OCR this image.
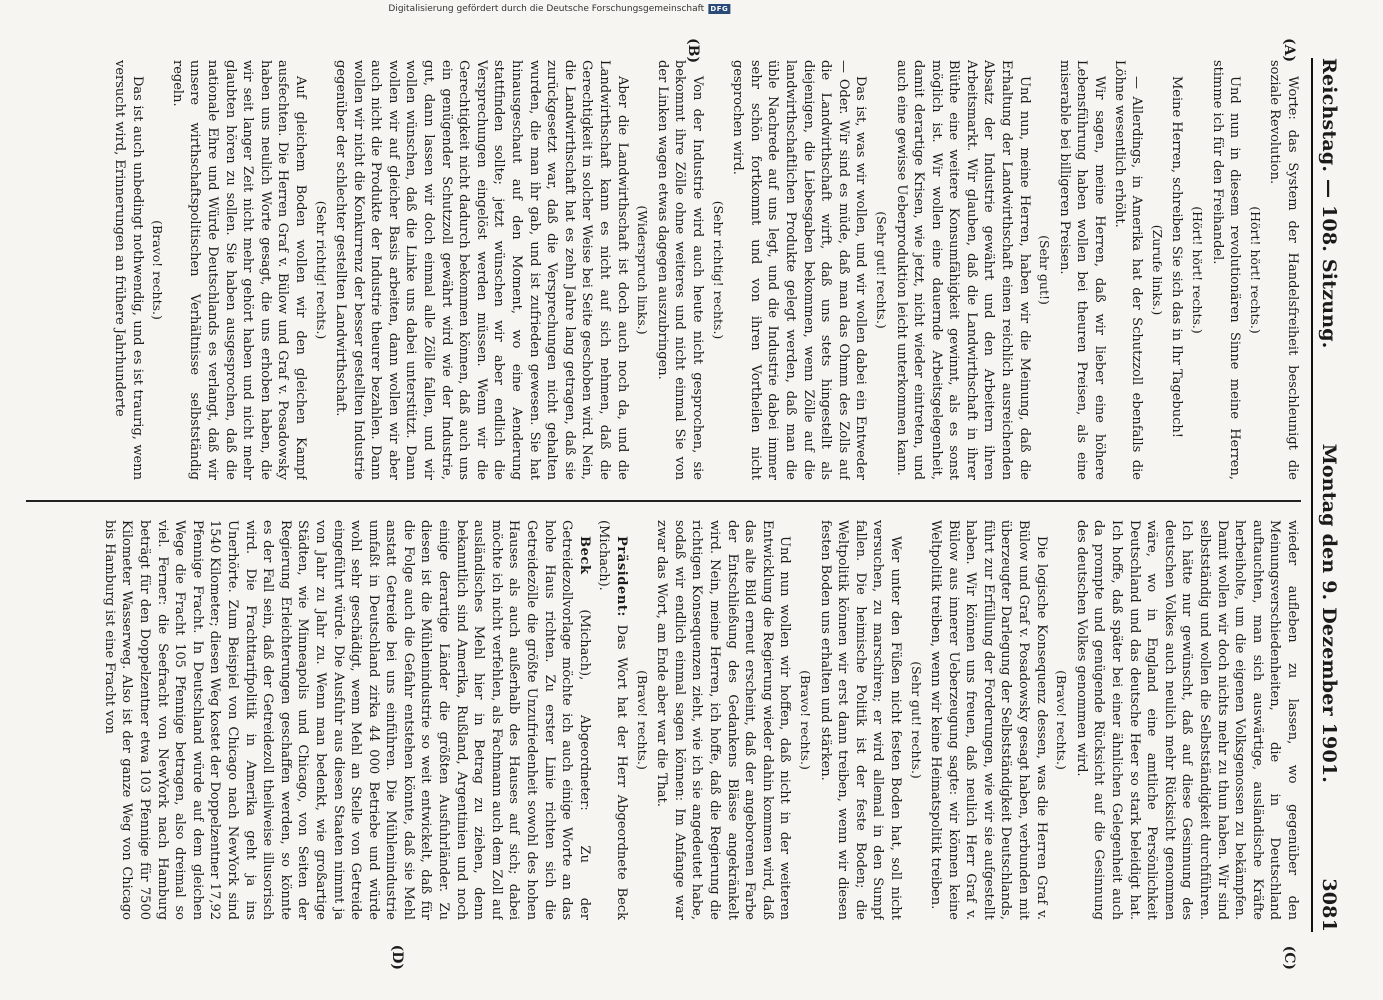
Reichstag. — 108. Sitzung.
Montag den 9. Dezember 1901.
3081
(A)
(B)
(C)
(D)

Worte: das System der Handelsfreiheit beschleunigt die soziale Revolution.

(Hört! hört! rechts.)

Und nun in diesem revolutionären Sinne meine Herren, stimme ich für den Freihandel.

(Hört! hört! rechts.)

Meine Herren, schreiben Sie sich das in Ihr Tagebuch!

(Zurufe links.)

— Allerdings, in Amerika hat der Schutzzoll ebenfalls die Löhne wesentlich erhöht.

Wir sagen, meine Herren, daß wir lieber eine höhere Lebensführung haben wollen bei theuren Preisen, als eine miserable bei billigeren Preisen.

(Sehr gut!)

Und nun, meine Herren, haben wir die Meinung, daß die Erhaltung der Landwirthschaft einen reichlich ausreichenden Absatz der Industrie gewährt und den Arbeitern ihren Arbeitsmarkt. Wir glauben, daß die Landwirthschaft in ihrer Blüthe eine weitere Konsumfähigkeit gewinnt, als es sonst möglich ist. Wir wollen eine dauernde Arbeitsgelegenheit, damit derartige Krisen, wie jetzt, nicht wieder eintreten, und auch eine gewisse Ueberproduktion leicht unterkommen kann.

(Sehr gut! rechts.)

Das ist, was wir wollen, und wir wollen dabei ein Entweder — Oder. Wir sind es müde, daß man das Ohmm des Zolls auf die Landwirthschaft wirft, daß uns stets hingestellt als diejenigen, die Liebesgaben bekommen, wenn Zölle auf die landwirthschaftlichen Produkte gelegt werden, daß man die üble Nachrede auf uns legt, und die Industrie dabei immer sehr schön fortkommt und von ihren Vortheilen nicht gesprochen wird.

(Sehr richtig! rechts.)

Von der Industrie wird auch heute nicht gesprochen, sie bekommt ihre Zölle ohne weiteres und nicht einmal Sie von der Linken wagen etwas dagegen auszubringen.

(Widerspruch links.)

Aber die Landwirthschaft ist doch auch noch da, und die Landwirthschaft kann es nicht auf sich nehmen, daß die Gerechtigkeit in solcher Weise bei Seite geschoben wird. Nein, die Landwirthschaft hat es zehn Jahre lang getragen, daß sie zurückgesetzt war, daß die Versprechungen nicht gehalten wurden, die man ihr gab, und ist zufrieden gewesen. Sie hat hinausgeschaut auf den Moment, wo eine Aenderung stattfinden sollte; jetzt wünschen wir aber endlich die Versprechungen eingelöst werden müssen. Wenn wir die Gerechtigkeit nicht dadurch bekommen können, daß auch uns ein genügender Schutzzoll gewährt wird wie der Industrie, gut, dann lassen wir doch einmal alle Zölle fallen, und wir wollen wünschen, daß die Linke uns dabei unterstützt. Dann wollen wir auf gleicher Basis arbeiten, dann wollen wir aber auch nicht die Produkte der Industrie theurer bezahlen. Dann wollen wir nicht die Konkurrenz der besser gestellten Industrie gegenüber der schlechter gestellten Landwirthschaft.

(Sehr richtig! rechts.)

Auf gleichem Boden wollen wir den gleichen Kampf ausfechten. Die Herren Graf v. Bülow und Graf v. Posadowsky haben uns neulich Worte gesagt, die uns erhoben haben, die wir seit langer Zeit nicht mehr gehört haben und nicht mehr glaubten hören zu sollen. Sie haben ausgesprochen, daß die nationale Ehre und Würde Deutschlands es verlangt, daß wir unsere wirthschaftspolitischen Verhältnisse selbstständig regeln.

(Bravo! rechts.)

Das ist auch unbedingt nothwendig, und es ist traurig, wenn versucht wird, Erinnerungen an frühere Jahrhunderte

wieder aufleben zu lassen, wo gegenüber den Meinungsverschiedenheiten, die in Deutschland auftauchten, man sich auswärtige, ausländische Kräfte herbeiholte, um die eigenen Volksgenossen zu bekämpfen. Damit wollen wir doch nichts mehr zu thun haben. Wir sind selbstständig und wollen die Selbstständigkeit durchführen. Ich hätte nur gewünscht, daß auf diese Gesinnung des deutschen Volkes auch neulich mehr Rücksicht genommen wäre, wo in England eine amtliche Persönlichkeit Deutschland und das deutsche Heer so stark beleidigt hat. Ich hoffe, daß später bei einer ähnlichen Gelegenheit auch da prompte und genügende Rücksicht auf die Gesinnung des deutschen Volkes genommen wird.

(Bravo! rechts.)

Die logische Konsequenz dessen, was die Herren Graf v. Bülow und Graf v. Posadowsky gesagt haben, verbunden mit überzeugter Darlegung der Selbstständigkeit Deutschlands, führt zur Erfüllung der Forderungen, wie wir sie aufgestellt haben. Wir können uns freuen, daß neulich Herr Graf v. Bülow aus innerer Ueberzeugung sagte: wir können keine Weltpolitik treiben, wenn wir keine Heimatspolitik treiben.

(Sehr gut! rechts.)

Wer unter den Füßen nicht festen Boden hat, soll nicht versuchen, zu marschiren; er wird allemal in den Sumpf fallen. Die heimische Politik ist der feste Boden; die Weltpolitik können wir erst dann treiben, wenn wir diesen festen Boden uns erhalten und stärken.

(Bravo! rechts.)

Und nun wollen wir hoffen, daß nicht in der weiteren Entwicklung die Regierung wieder dahin kommen wird, daß das alte Bild erneut erscheint, daß der angeborenen Farbe der Entschließung des Gedankens Blässe angekränkelt wird. Nein, meine Herren, ich hoffe, daß die Regierung die richtigen Konsequenzen zieht, wie ich sie angedeutet habe, sodaß wir endlich einmal sagen können: Im Anfange war zwar das Wort, am Ende aber war die That.

(Bravo! rechts.)

Präsident: Das Wort hat der Herr Abgeordnete Beck (Michach).

Beck (Michach), Abgeordneter: Zu der Getreidezollvorlage möchte ich auch einige Worte an das hohe Haus richten. Zu erster Linie richten sich die Getreidezölle die größte Unzufriedenheit sowohl des hohen Hauses als auch außerhalb des Hauses auf sich; dabei möchte ich nicht verfehlen, als Fachmann auch dem Zoll auf ausländisches Mehl hier in Betrag zu ziehen, denn bekanntlich sind Amerika, Rußland, Argentinien und noch einige derartige Länder die größten Ausfuhrländer. Zu diesen ist die Mühlenindustrie so weit entwickelt, daß für die Folge auch die Gefahr entstehen könnte, daß sie Mehl anstatt Getreide bei uns einführen. Die Mühlenindustrie umfaßt in Deutschland zirka 44 000 Betriebe und würde wohl sehr geschädigt, wenn Mehl an Stelle von Getreide eingeführt würde. Die Ausfuhr aus diesen Staaten nimmt ja von Jahr zu Jahr zu. Wenn man bedenkt, wie großartige Städten, wie Minneapolis und Chicago, von Seiten der Regierung Erleichterungen geschaffen werden, so könnte es der Fall sein, daß der Getreidezoll theilweise illusorisch wird. Die Frachttarifpolitik in Amerika geht ja ins Unerhörte. Zum Beispiel von Chicago nach NewYork sind 1540 Kilometer; diesen Weg kostet der Doppelzentner 17,92 Pfennige Fracht. In Deutschland würde auf dem gleichen Wege die Fracht 105 Pfennige betragen, also dreimal so viel. Ferner: die Seefracht von NewYork nach Hamburg beträgt für den Doppelzentner etwa 103 Pfennige für 7500 Kilometer Wasserweg. Also ist der ganze Weg von Chicago bis Hamburg ist eine Fracht von

Digitalisierung gefördert durch die Deutsche Forschungsgemeinschaft DFG
